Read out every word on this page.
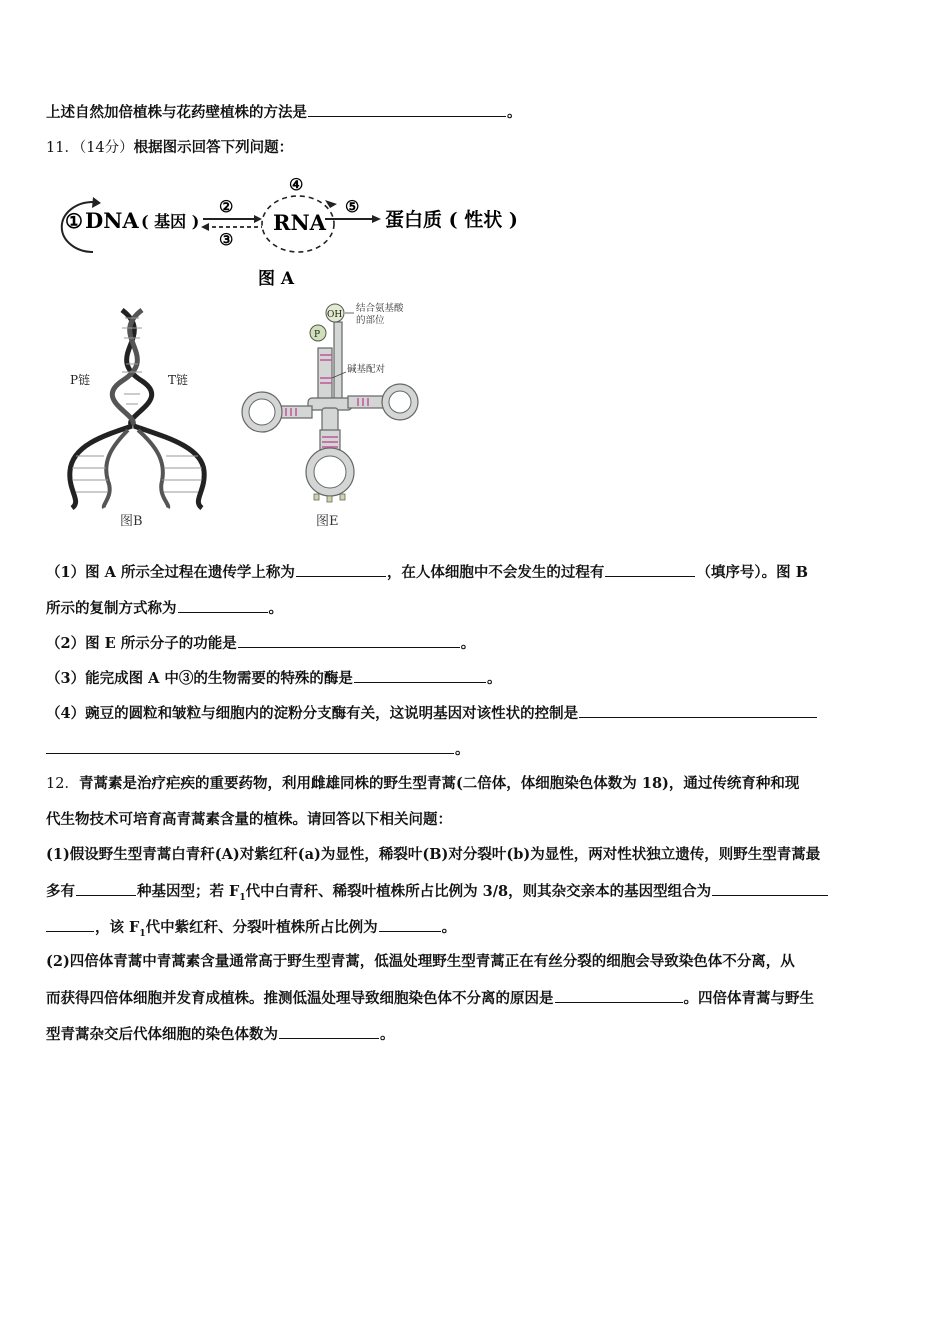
上述自然加倍植株与花药壁植株的方法是	。
11．（14分）根据图示回答下列问题：
① DNA ( 基因 )
②
③
④
RNA
⑤
蛋白质 ( 性状 )
图 A
P链	T链
图B
OH
P
结合氨基酸
的部位
碱基配对
图E
（1）图 A 所示全过程在遗传学上称为	，在人体细胞中不会发生的过程有	（填序号）。图 B
所示的复制方式称为	。
（2）图 E 所示分子的功能是	。
（3）能完成图 A 中③的生物需要的特殊的酶是	。
（4）豌豆的圆粒和皱粒与细胞内的淀粉分支酶有关，这说明基因对该性状的控制是
。
12．青蒿素是治疗疟疾的重要药物，利用雌雄同株的野生型青蒿(二倍体，体细胞染色体数为 18)，通过传统育种和现
代生物技术可培育高青蒿素含量的植株。请回答以下相关问题：
(1)假设野生型青蒿白青秆(A)对紫红秆(a)为显性，稀裂叶(B)对分裂叶(b)为显性，两对性状独立遗传，则野生型青蒿最
多有	种基因型；若 $F_1$代中白青秆、稀裂叶植株所占比例为 3/8，则其杂交亲本的基因型组合为
，该 $F_1$代中紫红秆、分裂叶植株所占比例为	。
(2)四倍体青蒿中青蒿素含量通常高于野生型青蒿，低温处理野生型青蒿正在有丝分裂的细胞会导致染色体不分离，从
而获得四倍体细胞并发育成植株。推测低温处理导致细胞染色体不分离的原因是	。四倍体青蒿与野生
型青蒿杂交后代体细胞的染色体数为	。
